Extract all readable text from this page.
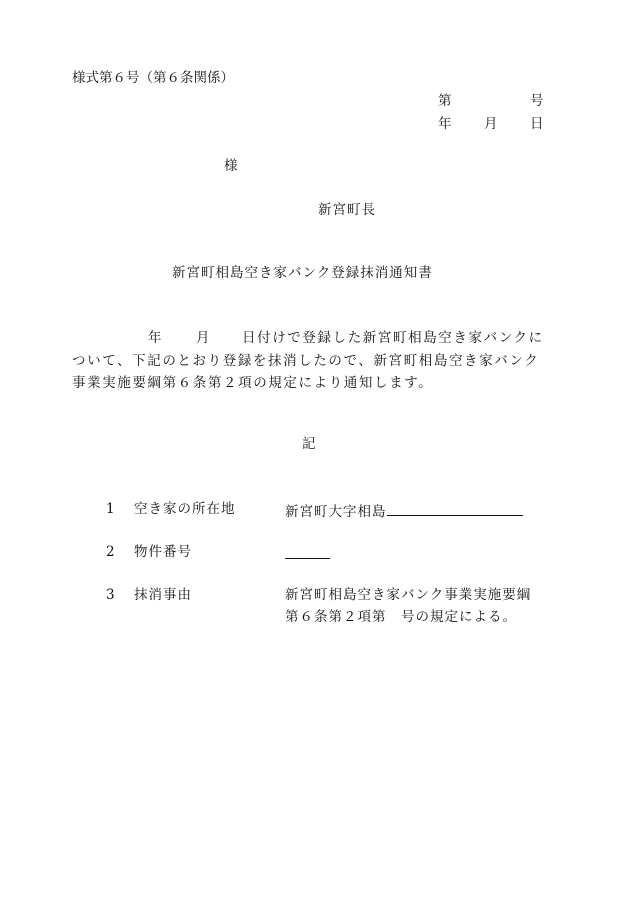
様式第６号（第６条関係）
第	号
年 月 日
様
新宮町長
新宮町相島空き家バンク登録抹消通知書
年	月 日付けで登録した新宮町相島空き家バンクに
ついて、下記のとおり登録を抹消したので、新宮町相島空き家バンク
事業実施要綱第６条第２項の規定により通知します。
記
1 空き家の所在地	新宮町大字相島
2 物件番号
3 抹消事由	新宮町相島空き家バンク事業実施要綱
第６条第２項第　号の規定による。
